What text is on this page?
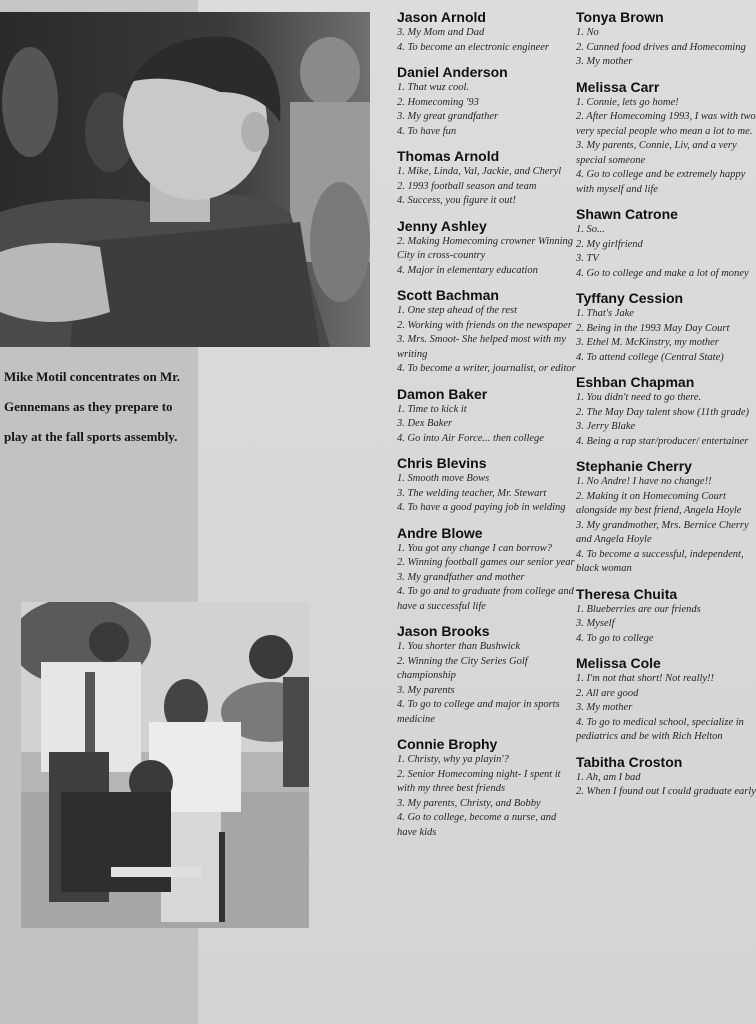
Mike Motil concentrates on Mr. Gennemans as they prepare to play at the fall sports assembly.
Jason Arnold
3. My Mom and Dad
4. To become an electronic engineer
Daniel Anderson
1. That wuz cool.
2. Homecoming '93
3. My great grandfather
4. To have fun
Thomas Arnold
1. Mike, Linda, Val, Jackie, and Cheryl
2. 1993 football season and team
4. Success, you figure it out!
Jenny Ashley
2. Making Homecoming crowner Winning City in cross-country
4. Major in elementary education
Scott Bachman
1. One step ahead of the rest
2. Working with friends on the newspaper
3. Mrs. Smoot- She helped most with my writing
4. To become a writer, journalist, or editor
Damon Baker
1. Time to kick it
3. Dex Baker
4. Go into Air Force... then college
Chris Blevins
1. Smooth move Bows
3. The welding teacher, Mr. Stewart
4. To have a good paying job in welding
Andre Blowe
1. You got any change I can borrow?
2. Winning football games our senior year
3. My grandfather and mother
4. To go and to graduate from college and have a successful life
Jason Brooks
1. You shorter than Bushwick
2. Winning the City Series Golf championship
3. My parents
4. To go to college and major in sports medicine
Connie Brophy
1. Christy, why ya playin'?
2. Senior Homecoming night- I spent it with my three best friends
3. My parents, Christy, and Bobby
4. Go to college, become a nurse, and have kids
Tonya Brown
1. No
2. Canned food drives and Homecoming
3. My mother
Melissa Carr
1. Connie, lets go home!
2. After Homecoming 1993, I was with two very special people who mean a lot to me.
3. My parents, Connie, Liv, and a very special someone
4. Go to college and be extremely happy with myself and life
Shawn Catrone
1. So...
2. My girlfriend
3. TV
4. Go to college and make a lot of money
Tyffany Cession
1. That's Jake
2. Being in the 1993 May Day Court
3. Ethel M. McKinstry, my mother
4. To attend college (Central State)
Eshban Chapman
1. You didn't need to go there.
2. The May Day talent show (11th grade)
3. Jerry Blake
4. Being a rap star/producer/ entertainer
Stephanie Cherry
1. No Andre! I have no change!!
2. Making it on Homecoming Court alongside my best friend, Angela Hoyle
3. My grandmother, Mrs. Bernice Cherry and Angela Hoyle
4. To become a successful, independent, black woman
Theresa Chuita
1. Blueberries are our friends
3. Myself
4. To go to college
Melissa Cole
1. I'm not that short! Not really!!
2. All are good
3. My mother
4. To go to medical school, specialize in pediatrics and be with Rich Helton
Tabitha Croston
1. Ah, am I bad
2. When I found out I could graduate early
